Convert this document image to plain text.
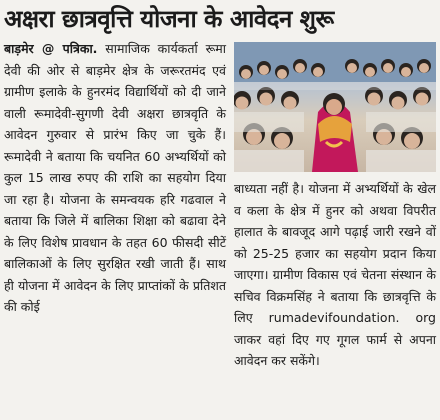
अक्षरा छात्रवृत्ति योजना के आवेदन शुरू
बाड़मेर @ पत्रिका. सामाजिक कार्यकर्ता रूमा देवी की ओर से बाड़मेर क्षेत्र के जरूरतमंद एवं ग्रामीण इलाके के हुनरमंद विद्यार्थियों को दी जाने वाली रूमादेवी-सुगणी देवी अक्षरा छात्रवृति के आवेदन गुरुवार से प्रारंभ किए जा चुके हैं। रूमादेवी ने बताया कि चयनित 60 अभ्यर्थियों को कुल 15 लाख रुपए की राशि का सहयोग दिया जा रहा है। योजना के समन्वयक हरि गढवाल ने बताया कि जिले में बालिका शिक्षा को बढावा देने के लिए विशेष प्रावधान के तहत 60 फीसदी सीटें बालिकाओं के लिए सुरक्षित रखी जाती हैं। साथ ही योजना में आवेदन के लिए प्राप्तांकों के प्रतिशत की कोई
बाध्यता नहीं है। योजना में अभ्यर्थियों के खेल व कला के क्षेत्र में हुनर को अथवा विपरीत हालात के बावजूद आगे पढ़ाई जारी रखने वों को 25-25 हजार का सहयोग प्रदान किया जाएगा। ग्रामीण विकास एवं चेतना संस्थान के सचिव विक्रमसिंह ने बताया कि छात्रवृत्ति के लिए rumadevifoundation. org जाकर वहां दिए गए गूगल फार्म से अपना आवेदन कर सकेंगे।
